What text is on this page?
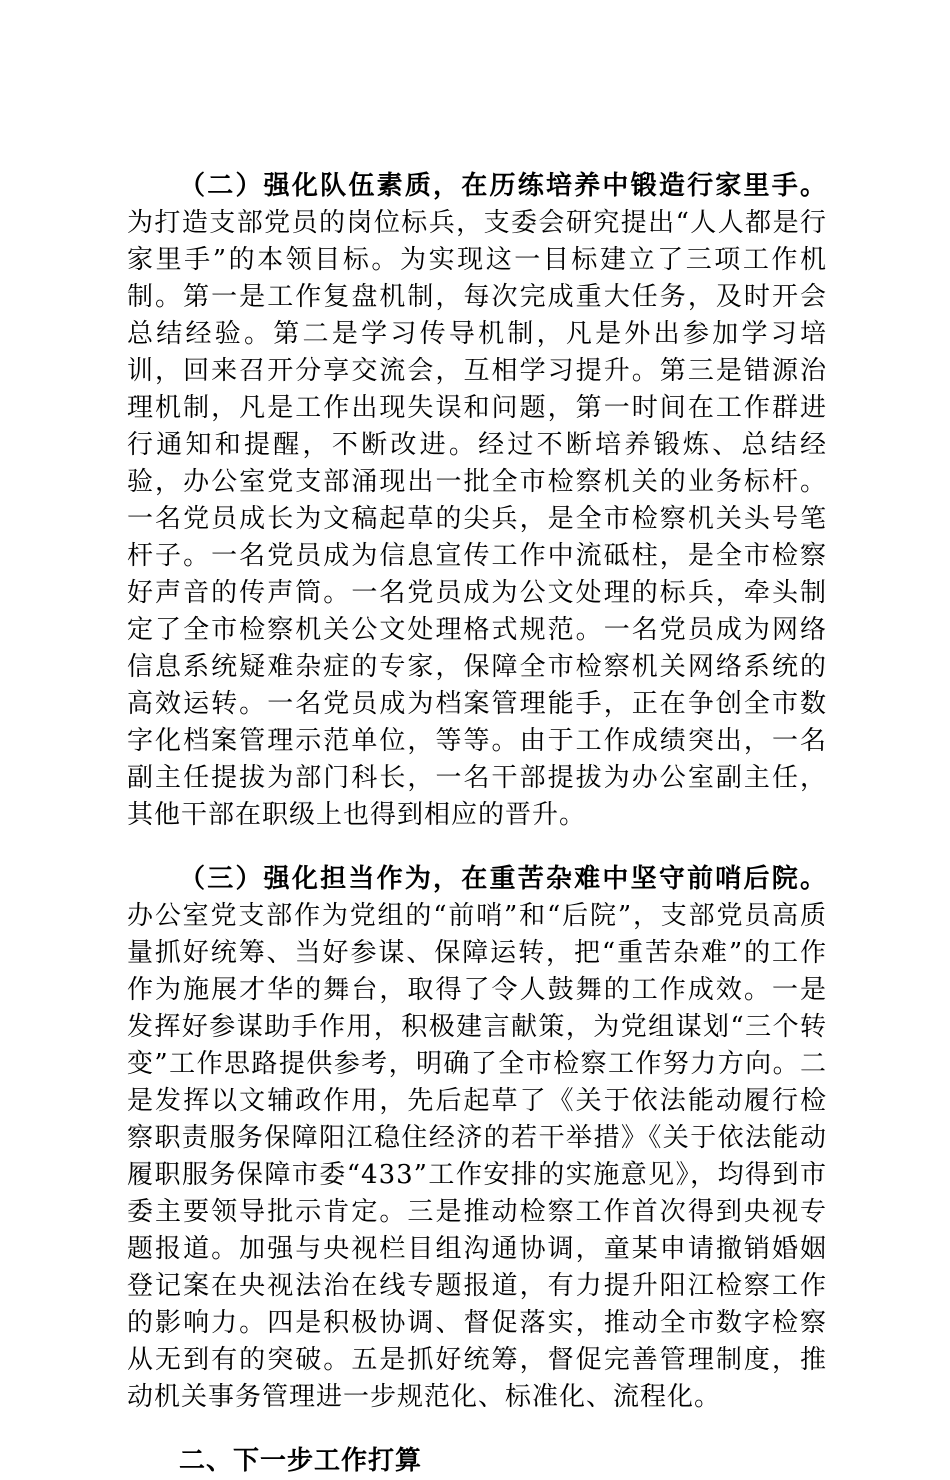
（二）强化队伍素质，在历练培养中锻造行家里手。为打造支部党员的岗位标兵，支委会研究提出“人人都是行家里手”的本领目标。为实现这一目标建立了三项工作机制。第一是工作复盘机制，每次完成重大任务，及时开会总结经验。第二是学习传导机制，凡是外出参加学习培训，回来召开分享交流会，互相学习提升。第三是错源治理机制，凡是工作出现失误和问题，第一时间在工作群进行通知和提醒，不断改进。经过不断培养锻炼、总结经验，办公室党支部涌现出一批全市检察机关的业务标杆。一名党员成长为文稿起草的尖兵，是全市检察机关头号笔杆子。一名党员成为信息宣传工作中流砥柱，是全市检察好声音的传声筒。一名党员成为公文处理的标兵，牵头制定了全市检察机关公文处理格式规范。一名党员成为网络信息系统疑难杂症的专家，保障全市检察机关网络系统的高效运转。一名党员成为档案管理能手，正在争创全市数字化档案管理示范单位，等等。由于工作成绩突出，一名副主任提拔为部门科长，一名干部提拔为办公室副主任，其他干部在职级上也得到相应的晋升。

（三）强化担当作为，在重苦杂难中坚守前哨后院。办公室党支部作为党组的“前哨”和“后院”，支部党员高质量抓好统筹、当好参谋、保障运转，把“重苦杂难”的工作作为施展才华的舞台，取得了令人鼓舞的工作成效。一是发挥好参谋助手作用，积极建言献策，为党组谋划“三个转变”工作思路提供参考，明确了全市检察工作努力方向。二是发挥以文辅政作用，先后起草了《关于依法能动履行检察职责服务保障阳江稳住经济的若干举措》《关于依法能动履职服务保障市委“433”工作安排的实施意见》，均得到市委主要领导批示肯定。三是推动检察工作首次得到央视专题报道。加强与央视栏目组沟通协调，童某申请撤销婚姻登记案在央视法治在线专题报道，有力提升阳江检察工作的影响力。四是积极协调、督促落实，推动全市数字检察从无到有的突破。五是抓好统筹，督促完善管理制度，推动机关事务管理进一步规范化、标准化、流程化。

二、下一步工作打算
